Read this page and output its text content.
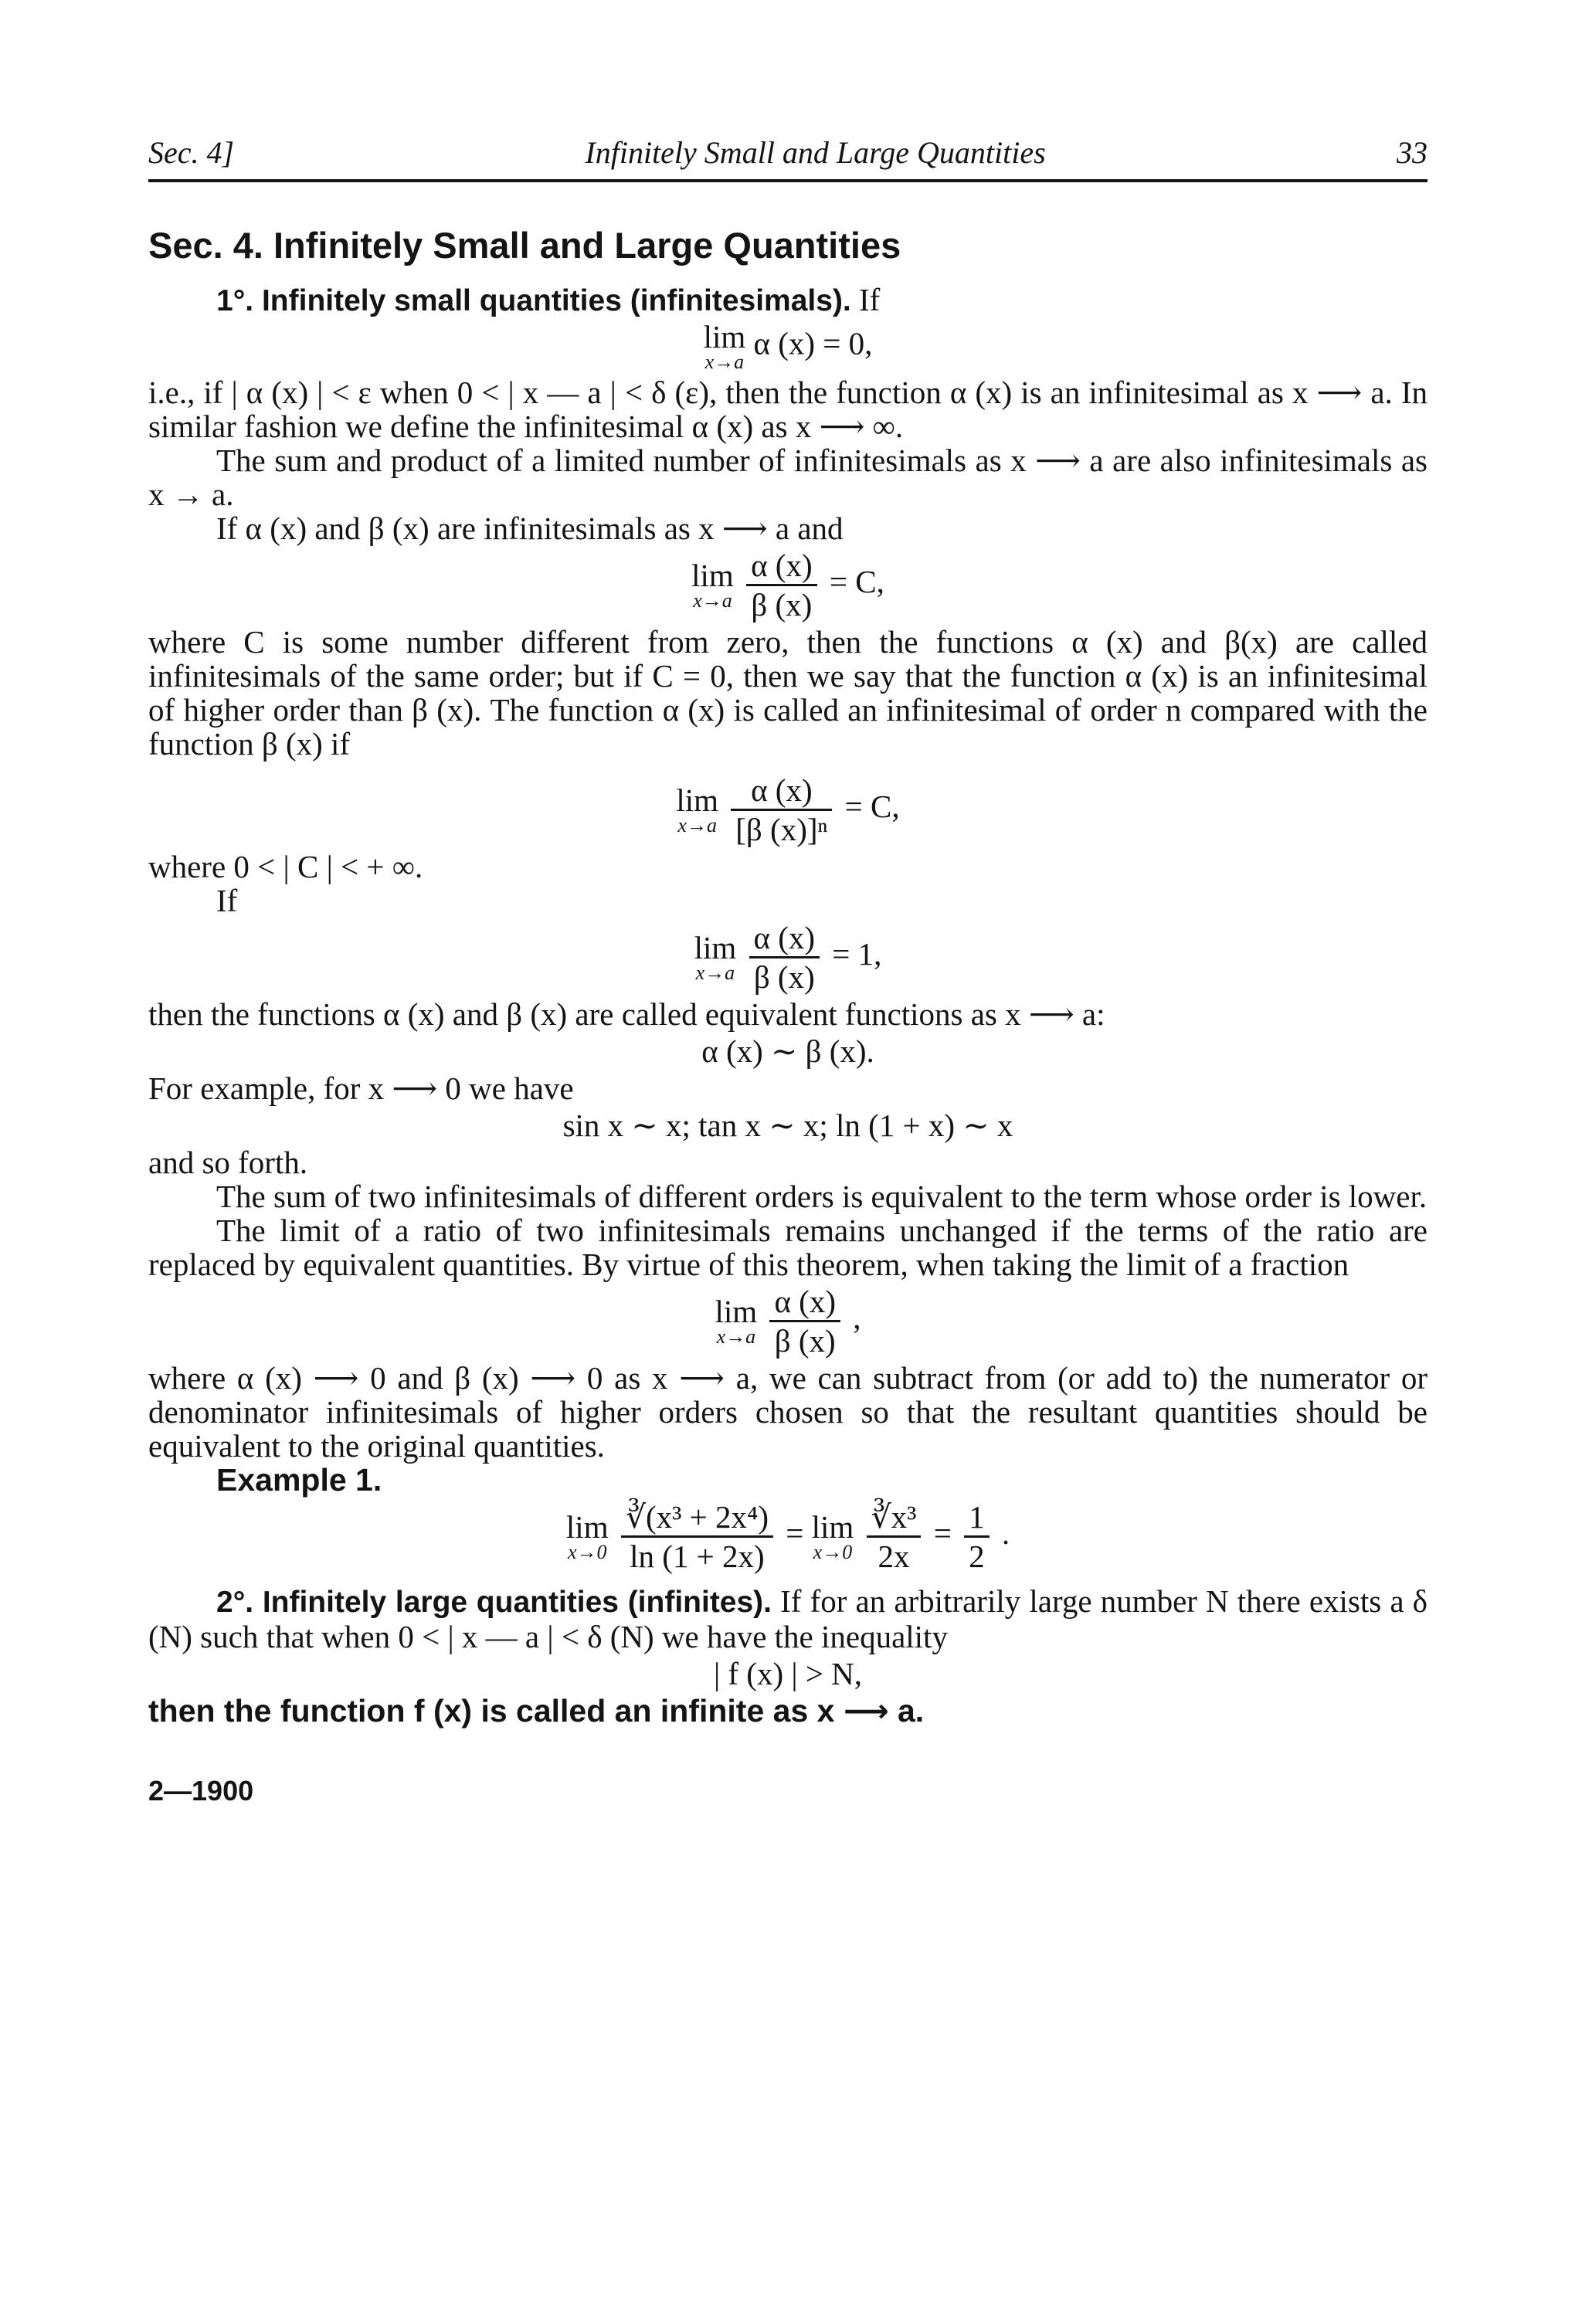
Sec. 4]	Infinitely Small and Large Quantities	33
Sec. 4. Infinitely Small and Large Quantities

1°. Infinitely small quantities (infinitesimals). If

lim
x→a
α (x) = 0,

i.e., if | α (x) | < ε when 0 < | x — a | < δ (ε), then the function α (x) is an infinitesimal as x ⟶ a. In similar fashion we define the infinitesimal α (x) as x ⟶ ∞.

The sum and product of a limited number of infinitesimals as x ⟶ a are also infinitesimals as x → a.

If α (x) and β (x) are infinitesimals as x ⟶ a and

lim
x→a
$\frac{\alpha (x)}{\beta (x)} = C$,

where C is some number different from zero, then the functions α (x) and β(x) are called infinitesimals of the same order; but if C = 0, then we say that the function α (x) is an infinitesimal of higher order than β (x). The function α (x) is called an infinitesimal of order n compared with the function β (x) if

lim
x→a
$\frac{\alpha (x)}{\text{[β (x)]ⁿ}} = C$,

where 0 < | C | < + ∞.

If

lim
x→a
$\frac{\alpha (x)}{\beta (x)} = 1$,

then the functions α (x) and β (x) are called equivalent functions as x ⟶ a:

α (x) ∼ β (x).

For example, for x ⟶ 0 we have

sin x ∼ x; tan x ∼ x; ln (1 + x) ∼ x

and so forth.

The sum of two infinitesimals of different orders is equivalent to the term whose order is lower.

The limit of a ratio of two infinitesimals remains unchanged if the terms of the ratio are replaced by equivalent quantities. By virtue of this theorem, when taking the limit of a fraction

lim
x→a
$\frac{\alpha (x)}{\beta (x)}$ ,

where α (x) ⟶ 0 and β (x) ⟶ 0 as x ⟶ a, we can subtract from (or add to) the numerator or denominator infinitesimals of higher orders chosen so that the resultant quantities should be equivalent to the original quantities.

Example 1.

lim
x→0
$\frac{\text{∛(x³ + 2x⁴)}}{\ln (1 + 2x)} = \lim$
x→0
$\frac{\text{∛x³}}{2x} = \frac{1}{2}$ .

2°. Infinitely large quantities (infinites). If for an arbitrarily large number N there exists a δ (N) such that when 0 < | x — a | < δ (N) we have the inequality

| f (x) | > N,

then the function f (x) is called an infinite as x ⟶ a.

2—1900
